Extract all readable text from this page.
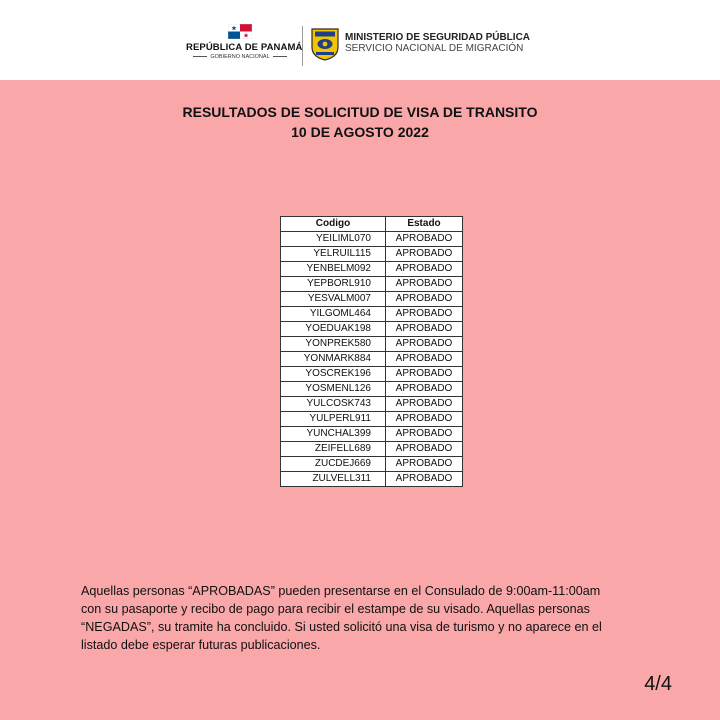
REPÚBLICA DE PANAMÁ
GOBIERNO NACIONAL
MINISTERIO DE SEGURIDAD PÚBLICA
SERVICIO NACIONAL DE MIGRACIÓN
RESULTADOS DE SOLICITUD DE VISA DE TRANSITO
10 DE AGOSTO 2022
Codigo	Estado
YEILIML070	APROBADO
YELRUIL115	APROBADO
YENBELM092	APROBADO
YEPBORL910	APROBADO
YESVALM007	APROBADO
YILGOML464	APROBADO
YOEDUAK198	APROBADO
YONPREK580	APROBADO
YONMARK884	APROBADO
YOSCREK196	APROBADO
YOSMENL126	APROBADO
YULCOSK743	APROBADO
YULPERL911	APROBADO
YUNCHAL399	APROBADO
ZEIFELL689	APROBADO
ZUCDEJ669	APROBADO
ZULVELL311	APROBADO

Aquellas personas “APROBADAS” pueden presentarse en el Consulado de 9:00am-11:00am

con su pasaporte y recibo de pago para recibir el estampe de su visado. Aquellas personas

“NEGADAS”, su tramite ha concluido. Si usted solicitó una visa de turismo y no aparece en el

listado debe esperar futuras publicaciones.

4/4
